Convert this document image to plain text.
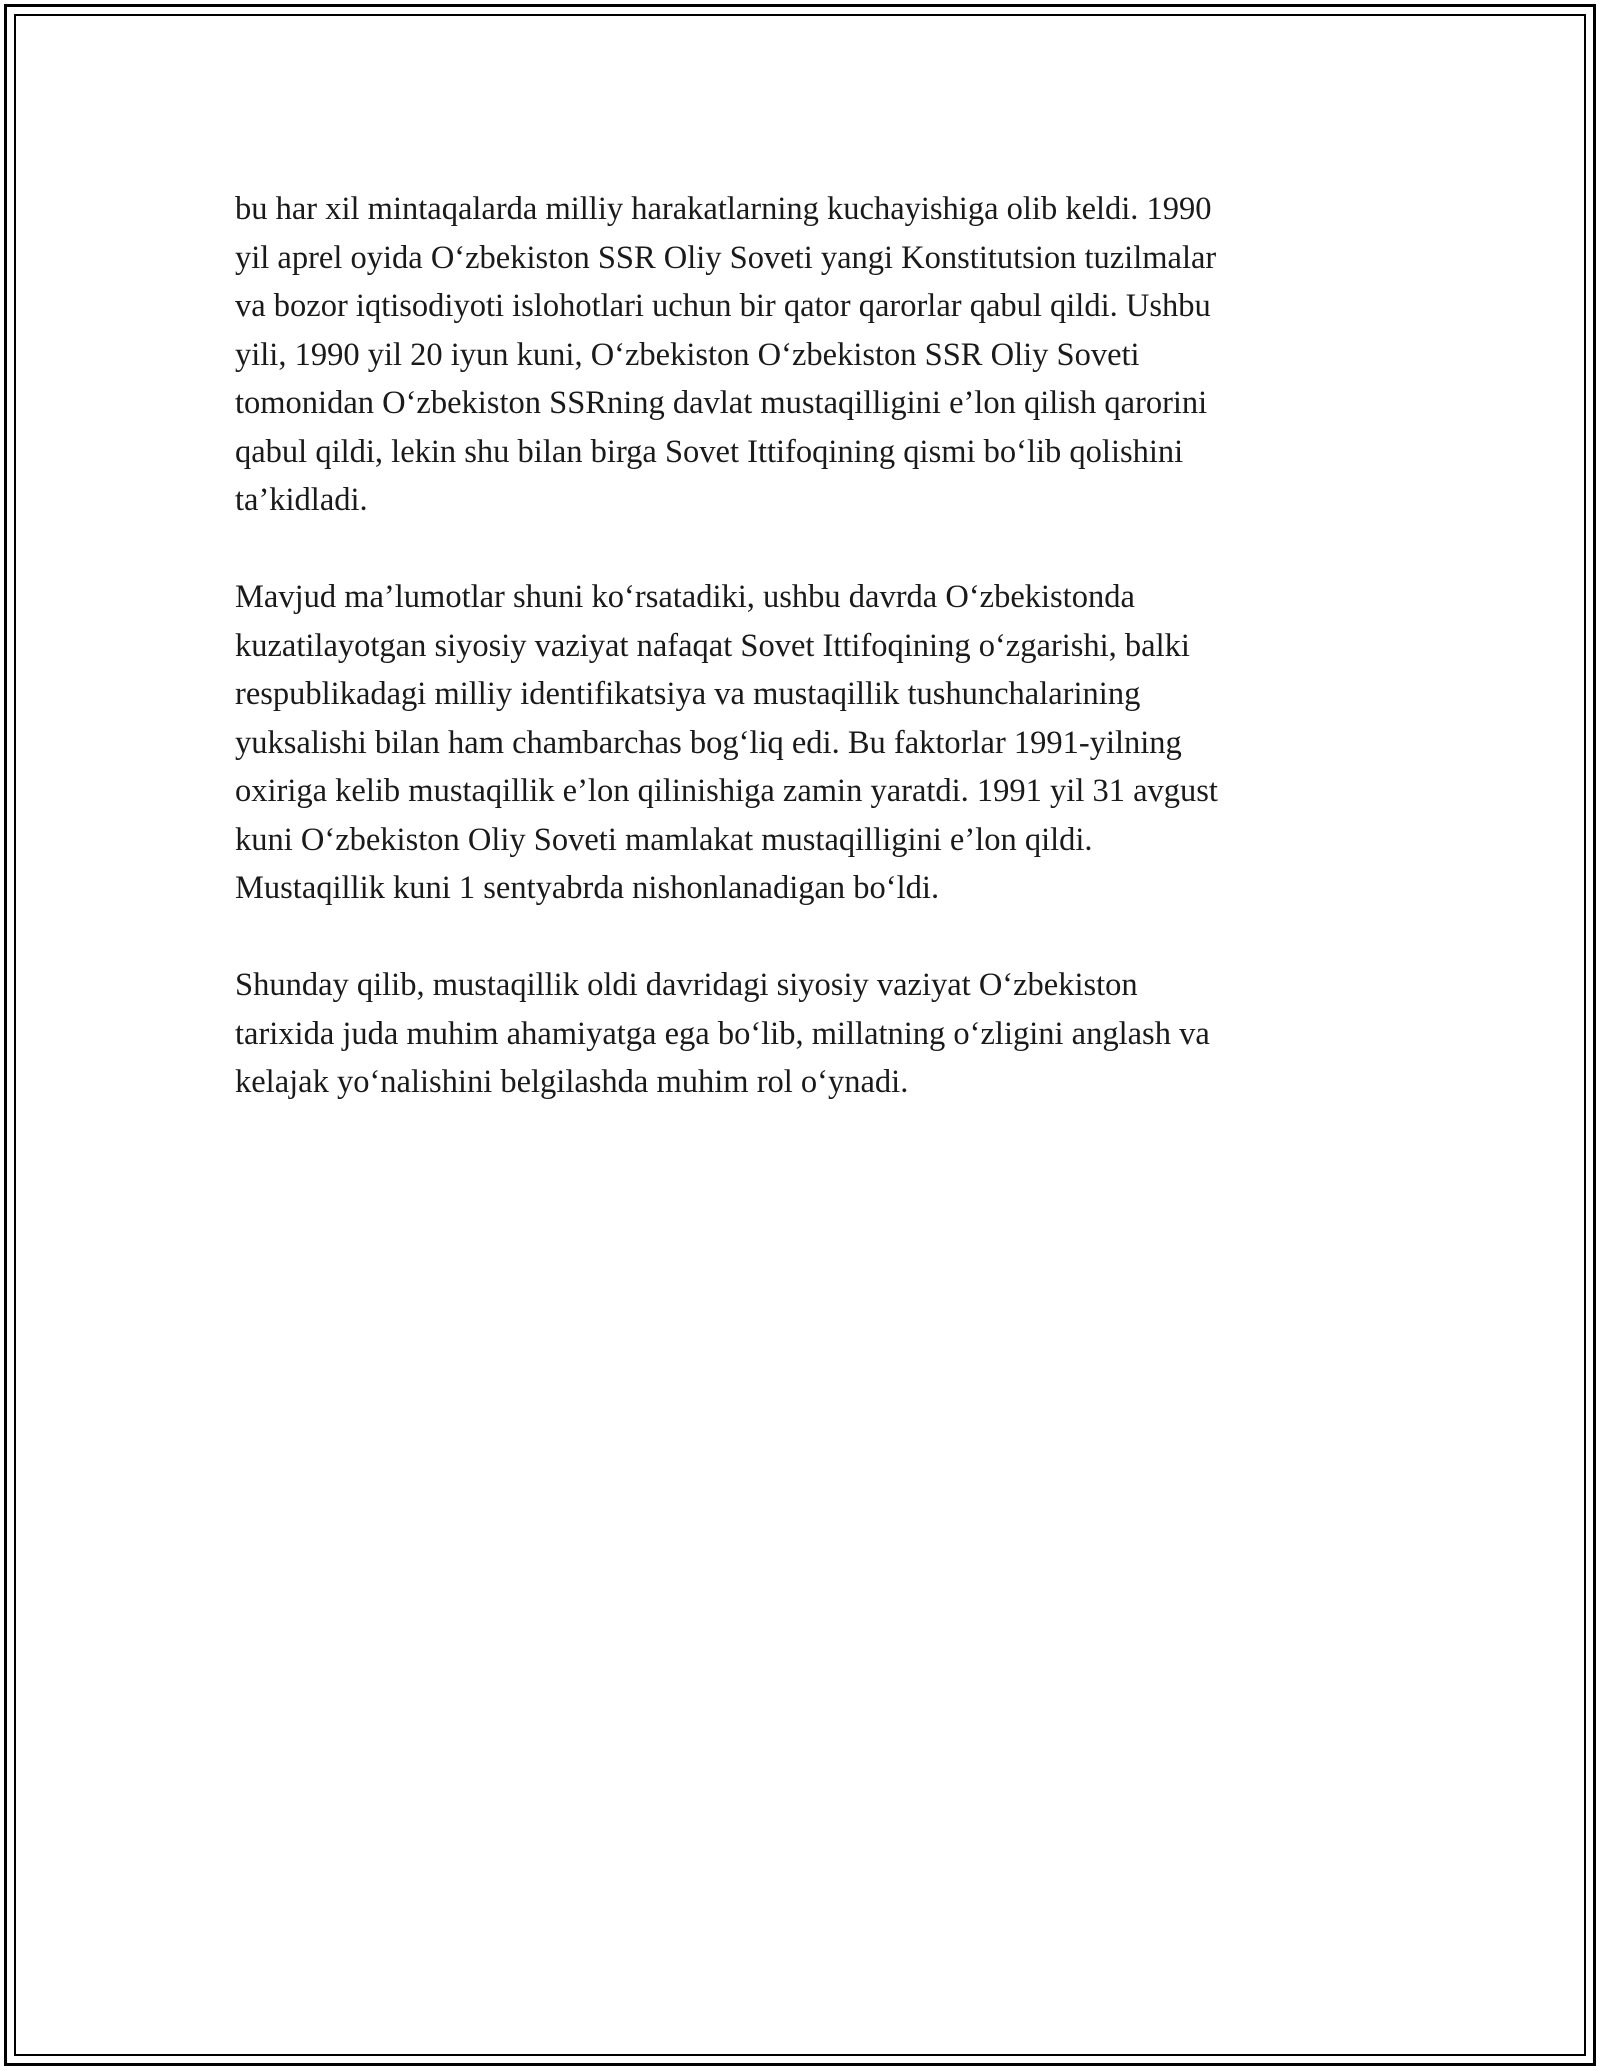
bu har xil mintaqalarda milliy harakatlarning kuchayishiga olib keldi. 1990
yil aprel oyida O‘zbekiston SSR Oliy Soveti yangi Konstitutsion tuzilmalar
va bozor iqtisodiyoti islohotlari uchun bir qator qarorlar qabul qildi. Ushbu
yili, 1990 yil 20 iyun kuni, O‘zbekiston O‘zbekiston SSR Oliy Soveti
tomonidan O‘zbekiston SSRning davlat mustaqilligini e’lon qilish qarorini
qabul qildi, lekin shu bilan birga Sovet Ittifoqining qismi bo‘lib qolishini
ta’kidladi.

Mavjud ma’lumotlar shuni ko‘rsatadiki, ushbu davrda O‘zbekistonda
kuzatilayotgan siyosiy vaziyat nafaqat Sovet Ittifoqining o‘zgarishi, balki
respublikadagi milliy identifikatsiya va mustaqillik tushunchalarining
yuksalishi bilan ham chambarchas bog‘liq edi. Bu faktorlar 1991-yilning
oxiriga kelib mustaqillik e’lon qilinishiga zamin yaratdi. 1991 yil 31 avgust
kuni O‘zbekiston Oliy Soveti mamlakat mustaqilligini e’lon qildi.
Mustaqillik kuni 1 sentyabrda nishonlanadigan bo‘ldi.

Shunday qilib, mustaqillik oldi davridagi siyosiy vaziyat O‘zbekiston
tarixida juda muhim ahamiyatga ega bo‘lib, millatning o‘zligini anglash va
kelajak yo‘nalishini belgilashda muhim rol o‘ynadi.
